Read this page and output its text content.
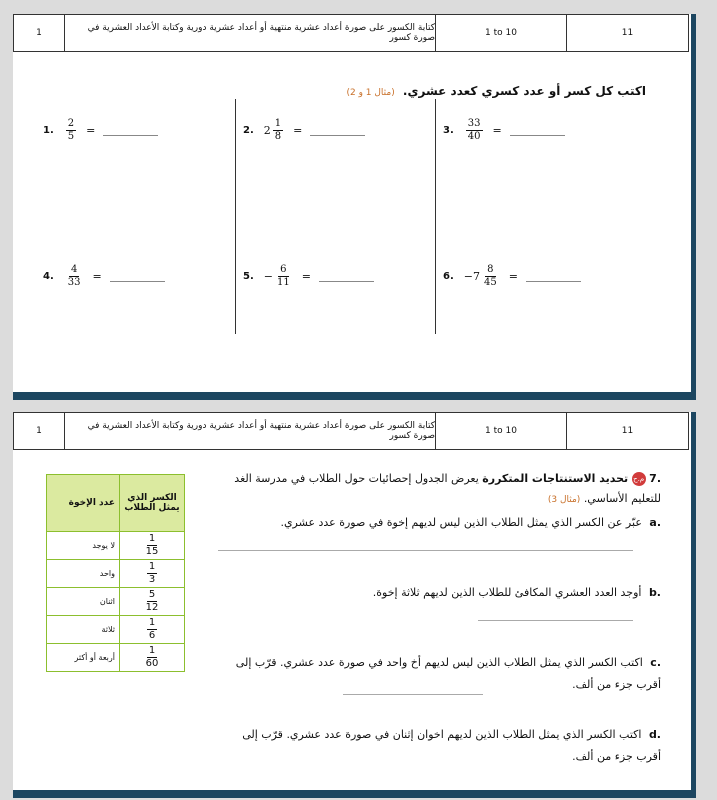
1	كتابة الكسور على صورة أعداد عشرية منتهية أو أعداد عشرية دورية وكتابة الأعداد العشرية في صورة كسور	1 to 10	11
اكتب كل كسر أو عدد كسري كعدد عشري. (مثال 1 و 2)
1. $\frac{2}{5}$ =	2. $2 \frac{1}{8}$ =	3. $\frac{33}{40}$ =
4. $\frac{4}{33}$ =	5. − $\frac{6}{11}$ =	6. − $7 \frac{8}{45}$ =
1	كتابة الكسور على صورة أعداد عشرية منتهية أو أعداد عشرية دورية وكتابة الأعداد العشرية في صورة كسور	1 to 10	11
.7 م.ح تحديد الاستنتاجات المتكررة يعرض الجدول إحصائيات حول الطلاب في مدرسة الغد للتعليم الأساسي. (مثال 3)
a. عبّر عن الكسر الذي يمثل الطلاب الذين ليس لديهم إخوة في صورة عدد عشري.
b. أوجد العدد العشري المكافئ للطلاب الذين لديهم ثلاثة إخوة.
c. اكتب الكسر الذي يمثل الطلاب الذين ليس لديهم أخ واحد في صورة عدد عشري. قرّب إلى أقرب جزء من ألف.
d. اكتب الكسر الذي يمثل الطلاب الذين لديهم اخوان إثنان في صورة عدد عشري. قرّب إلى أقرب جزء من ألف.
الكسر الذي يمثل الطلاب	عدد الإخوة

$\frac{1}{15}$	لا يوجد

$\frac{1}{3}$	واحد

$\frac{5}{12}$	اثنان

$\frac{1}{6}$	ثلاثة

$\frac{1}{60}$	أربعة أو أكثر
